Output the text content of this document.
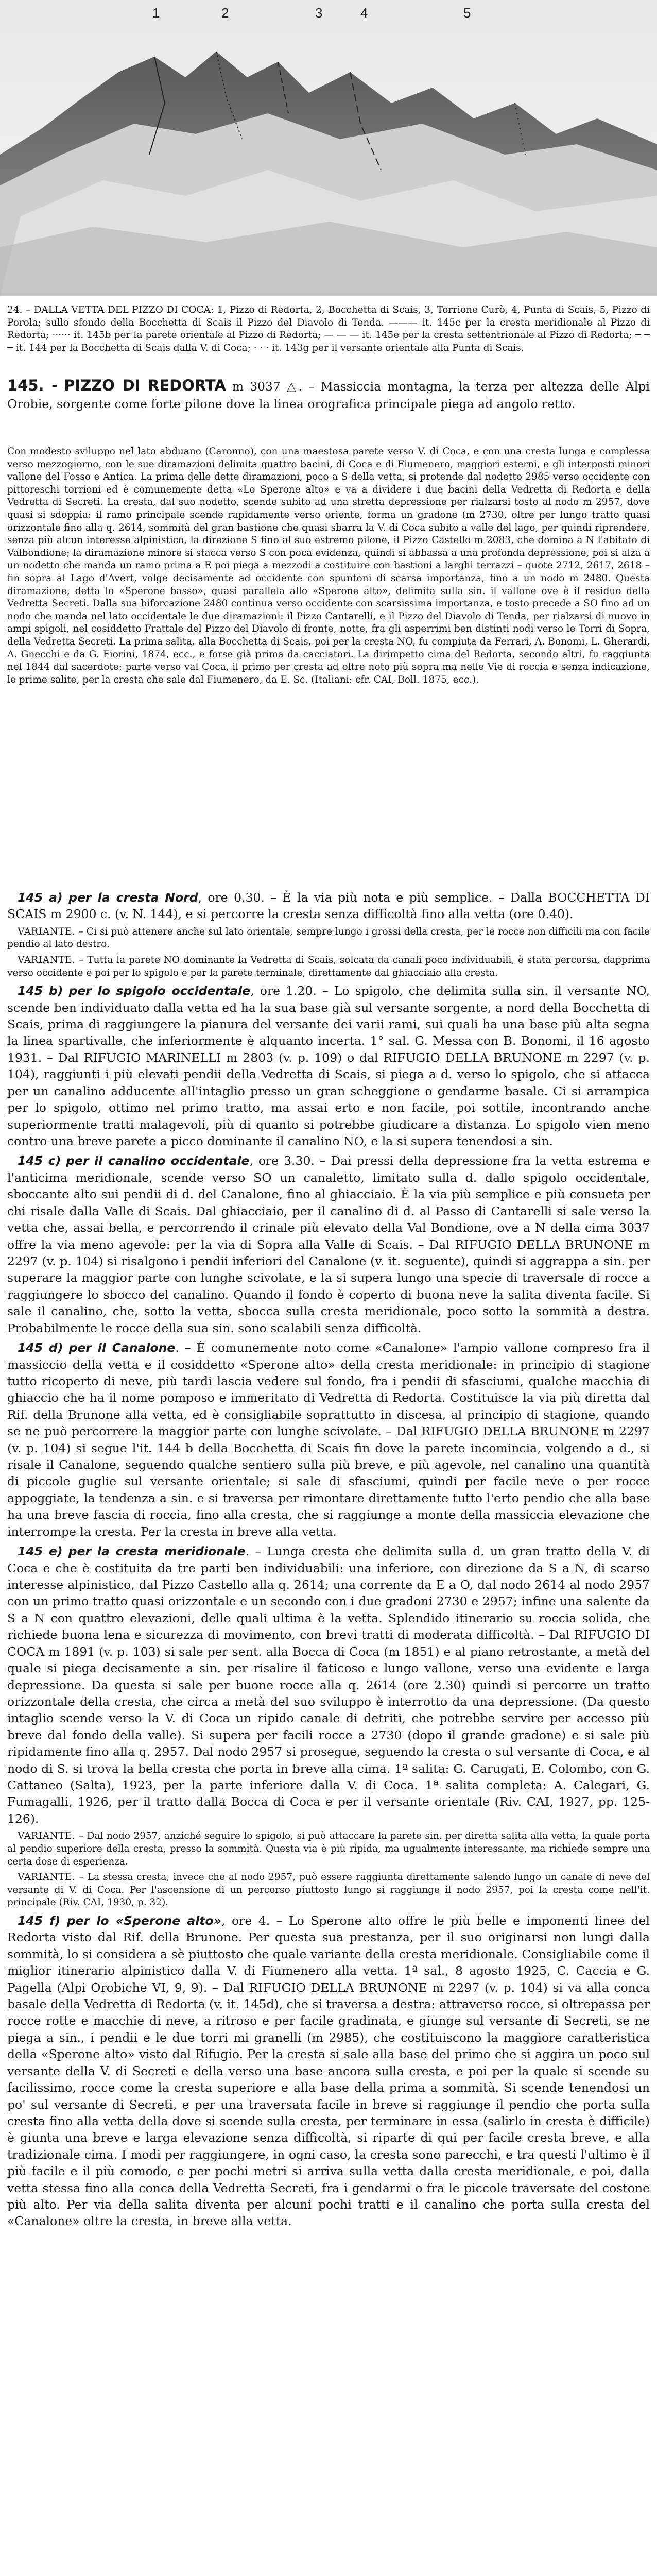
1	2	3	4	5
24. – DALLA VETTA DEL PIZZO DI COCA: 1, Pizzo di Redorta, 2, Bocchetta di Scais, 3, Torrione Curò, 4, Punta di Scais, 5, Pizzo di Porola; sullo sfondo della Bocchetta di Scais il Pizzo del Diavolo di Tenda. ——— it. 145c per la cresta meridionale al Pizzo di Redorta; ······ it. 145b per la parete orientale al Pizzo di Redorta; — — — it. 145e per la cresta settentrionale al Pizzo di Redorta; ─ ─ ─ it. 144 per la Bocchetta di Scais dalla V. di Coca; · · · it. 143g per il versante orientale alla Punta di Scais.

145. - PIZZO DI REDORTA m 3037 △. – Massiccia montagna, la terza per altezza delle Alpi Orobie, sorgente come forte pilone dove la linea orografica principale piega ad angolo retto.

Con modesto sviluppo nel lato abduano (Caronno), con una maestosa parete verso V. di Coca, e con una cresta lunga e complessa verso mezzogiorno, con le sue diramazioni delimita quattro bacini, di Coca e di Fiumenero, maggiori esterni, e gli interposti minori vallone del Fosso e Antica. La prima delle dette diramazioni, poco a S della vetta, si protende dal nodetto 2985 verso occidente con pittoreschi torrioni ed è comunemente detta «Lo Sperone alto» e va a dividere i due bacini della Vedretta di Redorta e della Vedretta di Secreti. La cresta, dal suo nodetto, scende subito ad una stretta depressione per rialzarsi tosto al nodo m 2957, dove quasi si sdoppia: il ramo principale scende rapidamente verso oriente, forma un gradone (m 2730, oltre per lungo tratto quasi orizzontale fino alla q. 2614, sommità del gran bastione che quasi sbarra la V. di Coca subito a valle del lago, per quindi riprendere, senza più alcun interesse alpinistico, la direzione S fino al suo estremo pilone, il Pizzo Castello m 2083, che domina a N l'abitato di Valbondione; la diramazione minore si stacca verso S con poca evidenza, quindi si abbassa a una profonda depressione, poi si alza a un nodetto che manda un ramo prima a E poi piega a mezzodì a costituire con bastioni a larghi terrazzi – quote 2712, 2617, 2618 – fin sopra al Lago d'Avert, volge decisamente ad occidente con spuntoni di scarsa importanza, fino a un nodo m 2480. Questa diramazione, detta lo «Sperone basso», quasi parallela allo «Sperone alto», delimita sulla sin. il vallone ove è il residuo della Vedretta Secreti. Dalla sua biforcazione 2480 continua verso occidente con scarsissima importanza, e tosto precede a SO fino ad un nodo che manda nel lato occidentale le due diramazioni: il Pizzo Cantarelli, e il Pizzo del Diavolo di Tenda, per rialzarsi di nuovo in ampi spigoli, nel cosiddetto Frattale del Pizzo del Diavolo di fronte, notte, fra gli asperrimi ben distinti nodi verso le Torri di Sopra, della Vedretta Secreti. La prima salita, alla Bocchetta di Scais, poi per la cresta NO, fu compiuta da Ferrari, A. Bonomi, L. Gherardi, A. Gnecchi e da G. Fiorini, 1874, ecc., e forse già prima da cacciatori. La dirimpetto cima del Redorta, secondo altri, fu raggiunta nel 1844 dal sacerdote: parte verso val Coca, il primo per cresta ad oltre noto più sopra ma nelle Vie di roccia e senza indicazione, le prime salite, per la cresta che sale dal Fiumenero, da E. Sc. (Italiani: cfr. CAI, Boll. 1875, ecc.).

145 a) per la cresta Nord, ore 0.30. – È la via più nota e più semplice. – Dalla BOCCHETTA DI SCAIS m 2900 c. (v. N. 144), e si percorre la cresta senza difficoltà fino alla vetta (ore 0.40).

VARIANTE. – Ci si può attenere anche sul lato orientale, sempre lungo i grossi della cresta, per le rocce non difficili ma con facile pendio al lato destro.

VARIANTE. – Tutta la parete NO dominante la Vedretta di Scais, solcata da canali poco individuabili, è stata percorsa, dapprima verso occidente e poi per lo spigolo e per la parete terminale, direttamente dal ghiacciaio alla cresta.

145 b) per lo spigolo occidentale, ore 1.20. – Lo spigolo, che delimita sulla sin. il versante NO, scende ben individuato dalla vetta ed ha la sua base già sul versante sorgente, a nord della Bocchetta di Scais, prima di raggiungere la pianura del versante dei varii rami, sui quali ha una base più alta segna la linea spartivalle, che inferiormente è alquanto incerta. 1° sal. G. Messa con B. Bonomi, il 16 agosto 1931. – Dal RIFUGIO MARINELLI m 2803 (v. p. 109) o dal RIFUGIO DELLA BRUNONE m 2297 (v. p. 104), raggiunti i più elevati pendii della Vedretta di Scais, si piega a d. verso lo spigolo, che si attacca per un canalino adducente all'intaglio presso un gran scheggione o gendarme basale. Ci si arrampica per lo spigolo, ottimo nel primo tratto, ma assai erto e non facile, poi sottile, incontrando anche superiormente tratti malagevoli, più di quanto si potrebbe giudicare a distanza. Lo spigolo vien meno contro una breve parete a picco dominante il canalino NO, e la si supera tenendosi a sin.

145 c) per il canalino occidentale, ore 3.30. – Dai pressi della depressione fra la vetta estrema e l'anticima meridionale, scende verso SO un canaletto, limitato sulla d. dallo spigolo occidentale, sboccante alto sui pendii di d. del Canalone, fino al ghiacciaio. È la via più semplice e più consueta per chi risale dalla Valle di Scais. Dal ghiacciaio, per il canalino di d. al Passo di Cantarelli si sale verso la vetta che, assai bella, e percorrendo il crinale più elevato della Val Bondione, ove a N della cima 3037 offre la via meno agevole: per la via di Sopra alla Valle di Scais. – Dal RIFUGIO DELLA BRUNONE m 2297 (v. p. 104) si risalgono i pendii inferiori del Canalone (v. it. seguente), quindi si aggrappa a sin. per superare la maggior parte con lunghe scivolate, e la si supera lungo una specie di traversale di rocce a raggiungere lo sbocco del canalino. Quando il fondo è coperto di buona neve la salita diventa facile. Si sale il canalino, che, sotto la vetta, sbocca sulla cresta meridionale, poco sotto la sommità a destra. Probabilmente le rocce della sua sin. sono scalabili senza difficoltà.

145 d) per il Canalone. – È comunemente noto come «Canalone» l'ampio vallone compreso fra il massiccio della vetta e il cosiddetto «Sperone alto» della cresta meridionale: in principio di stagione tutto ricoperto di neve, più tardi lascia vedere sul fondo, fra i pendii di sfasciumi, qualche macchia di ghiaccio che ha il nome pomposo e immeritato di Vedretta di Redorta. Costituisce la via più diretta dal Rif. della Brunone alla vetta, ed è consigliabile soprattutto in discesa, al principio di stagione, quando se ne può percorrere la maggior parte con lunghe scivolate. – Dal RIFUGIO DELLA BRUNONE m 2297 (v. p. 104) si segue l'it. 144 b della Bocchetta di Scais fin dove la parete incomincia, volgendo a d., si risale il Canalone, seguendo qualche sentiero sulla più breve, e più agevole, nel canalino una quantità di piccole guglie sul versante orientale; si sale di sfasciumi, quindi per facile neve o per rocce appoggiate, la tendenza a sin. e si traversa per rimontare direttamente tutto l'erto pendio che alla base ha una breve fascia di roccia, fino alla cresta, che si raggiunge a monte della massiccia elevazione che interrompe la cresta. Per la cresta in breve alla vetta.

145 e) per la cresta meridionale. – Lunga cresta che delimita sulla d. un gran tratto della V. di Coca e che è costituita da tre parti ben individuabili: una inferiore, con direzione da S a N, di scarso interesse alpinistico, dal Pizzo Castello alla q. 2614; una corrente da E a O, dal nodo 2614 al nodo 2957 con un primo tratto quasi orizzontale e un secondo con i due gradoni 2730 e 2957; infine una salente da S a N con quattro elevazioni, delle quali ultima è la vetta. Splendido itinerario su roccia solida, che richiede buona lena e sicurezza di movimento, con brevi tratti di moderata difficoltà. – Dal RIFUGIO DI COCA m 1891 (v. p. 103) si sale per sent. alla Bocca di Coca (m 1851) e al piano retrostante, a metà del quale si piega decisamente a sin. per risalire il faticoso e lungo vallone, verso una evidente e larga depressione. Da questa si sale per buone rocce alla q. 2614 (ore 2.30) quindi si percorre un tratto orizzontale della cresta, che circa a metà del suo sviluppo è interrotto da una depressione. (Da questo intaglio scende verso la V. di Coca un ripido canale di detriti, che potrebbe servire per accesso più breve dal fondo della valle). Si supera per facili rocce a 2730 (dopo il grande gradone) e si sale più ripidamente fino alla q. 2957. Dal nodo 2957 si prosegue, seguendo la cresta o sul versante di Coca, e al nodo di S. si trova la bella cresta che porta in breve alla cima. 1ª salita: G. Carugati, E. Colombo, con G. Cattaneo (Salta), 1923, per la parte inferiore dalla V. di Coca. 1ª salita completa: A. Calegari, G. Fumagalli, 1926, per il tratto dalla Bocca di Coca e per il versante orientale (Riv. CAI, 1927, pp. 125-126).

VARIANTE. – Dal nodo 2957, anziché seguire lo spigolo, si può attaccare la parete sin. per diretta salita alla vetta, la quale porta al pendio superiore della cresta, presso la sommità. Questa via è più ripida, ma ugualmente interessante, ma richiede sempre una certa dose di esperienza.

VARIANTE. – La stessa cresta, invece che al nodo 2957, può essere raggiunta direttamente salendo lungo un canale di neve del versante di V. di Coca. Per l'ascensione di un percorso piuttosto lungo si raggiunge il nodo 2957, poi la cresta come nell'it. principale (Riv. CAI, 1930, p. 32).

145 f) per lo «Sperone alto», ore 4. – Lo Sperone alto offre le più belle e imponenti linee del Redorta visto dal Rif. della Brunone. Per questa sua prestanza, per il suo originarsi non lungi dalla sommità, lo si considera a sè piuttosto che quale variante della cresta meridionale. Consigliabile come il miglior itinerario alpinistico dalla V. di Fiumenero alla vetta. 1ª sal., 8 agosto 1925, C. Caccia e G. Pagella (Alpi Orobiche VI, 9, 9). – Dal RIFUGIO DELLA BRUNONE m 2297 (v. p. 104) si va alla conca basale della Vedretta di Redorta (v. it. 145d), che si traversa a destra: attraverso rocce, si oltrepassa per rocce rotte e macchie di neve, a ritroso e per facile gradinata, e giunge sul versante di Secreti, se ne piega a sin., i pendii e le due torri mi granelli (m 2985), che costituiscono la maggiore caratteristica della «Sperone alto» visto dal Rifugio. Per la cresta si sale alla base del primo che si aggira un poco sul versante della V. di Secreti e della verso una base ancora sulla cresta, e poi per la quale si scende su facilissimo, rocce come la cresta superiore e alla base della prima a sommità. Si scende tenendosi un po' sul versante di Secreti, e per una traversata facile in breve si raggiunge il pendio che porta sulla cresta fino alla vetta della dove si scende sulla cresta, per terminare in essa (salirlo in cresta è difficile) è giunta una breve e larga elevazione senza difficoltà, si riparte di qui per facile cresta breve, e alla tradizionale cima. I modi per raggiungere, in ogni caso, la cresta sono parecchi, e tra questi l'ultimo è il più facile e il più comodo, e per pochi metri si arriva sulla vetta dalla cresta meridionale, e poi, dalla vetta stessa fino alla conca della Vedretta Secreti, fra i gendarmi o fra le piccole traversate del costone più alto. Per via della salita diventa per alcuni pochi tratti e il canalino che porta sulla cresta del «Canalone» oltre la cresta, in breve alla vetta.
